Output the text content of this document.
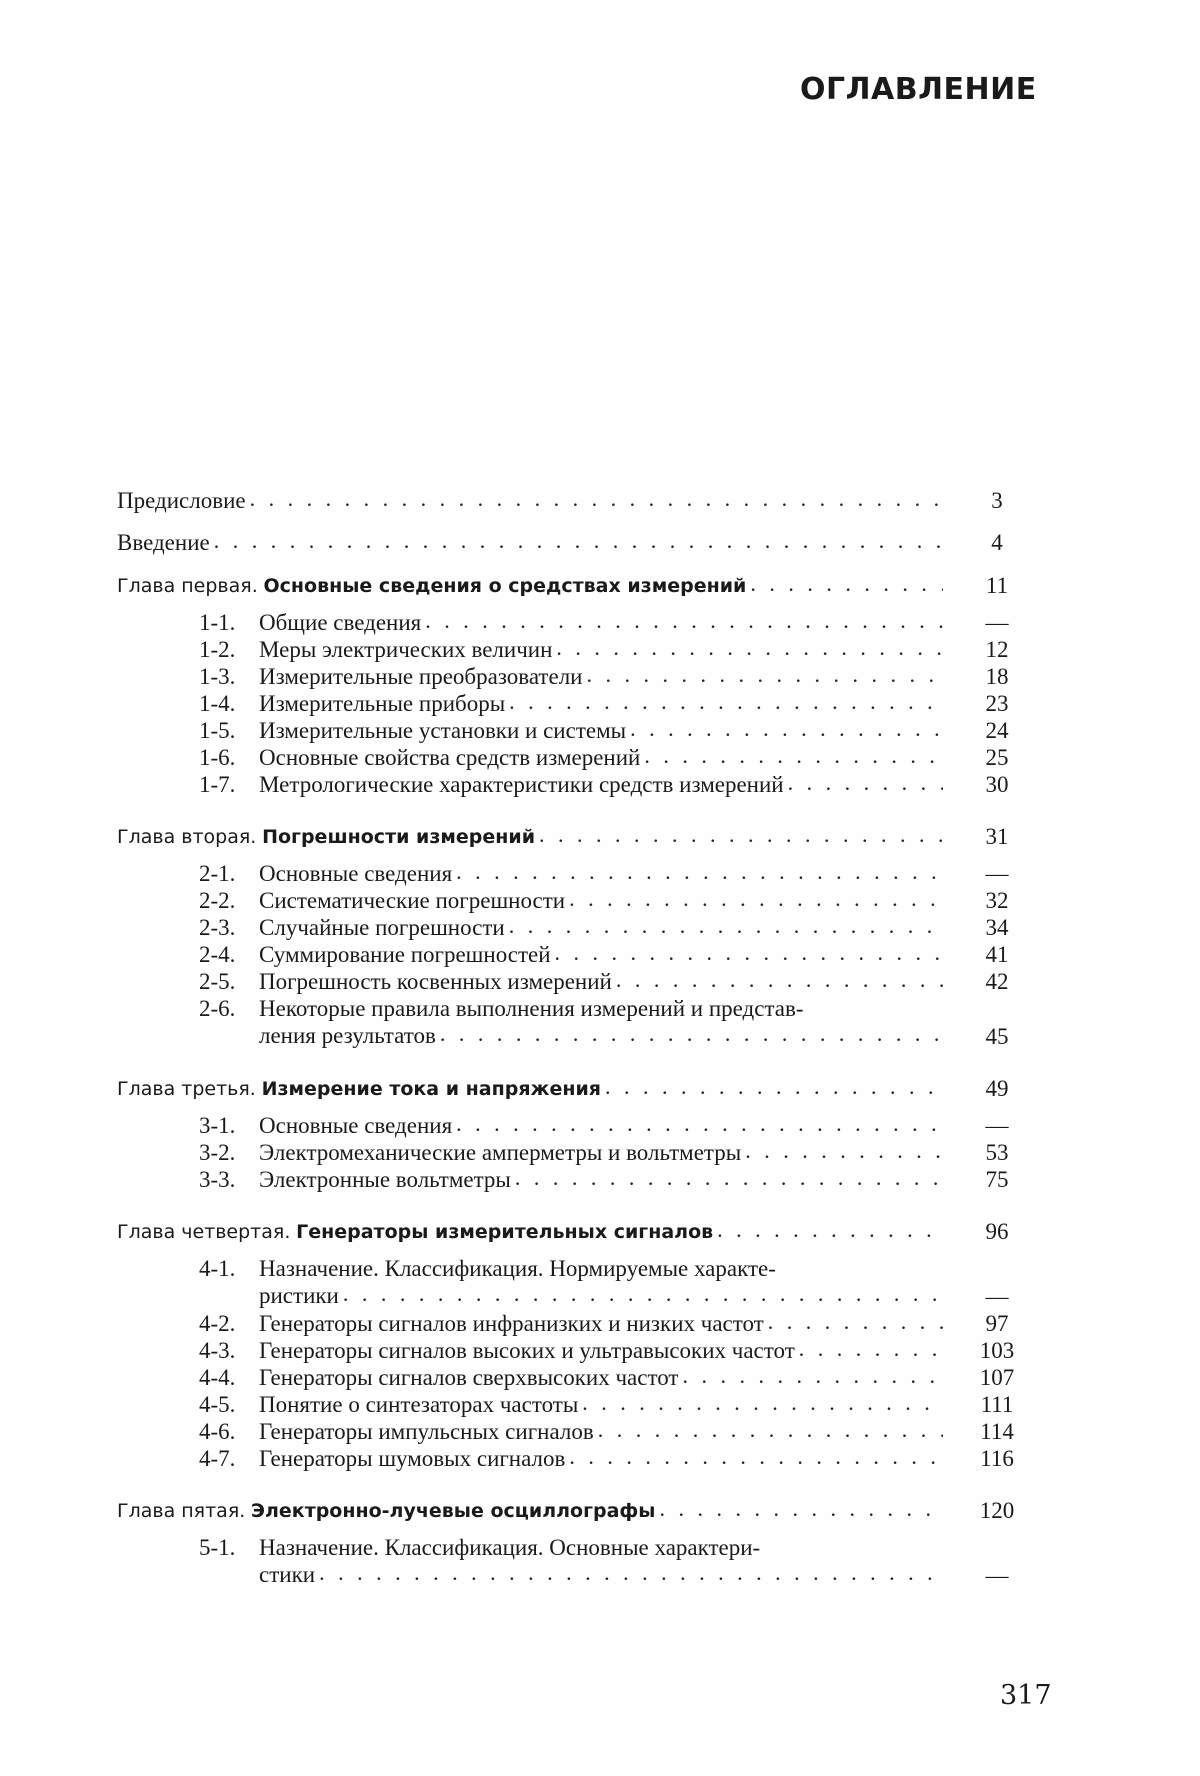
ОГЛАВЛЕНИЕ
Предисловие . . .	3
Введение . . .	4
Глава первая. Основные сведения о средствах измерений . . .	11
1-1. Общие сведения . . .	—
1-2. Меры электрических величин . . .	12
1-3. Измерительные преобразователи . . .	18
1-4. Измерительные приборы . . .	23
1-5. Измерительные установки и системы . . .	24
1-6. Основные свойства средств измерений . . .	25
1-7. Метрологические характеристики средств измерений . . .	30
Глава вторая. Погрешности измерений . . .	31
2-1. Основные сведения . . .	—
2-2. Систематические погрешности . . .	32
2-3. Случайные погрешности . . .	34
2-4. Суммирование погрешностей . . .	41
2-5. Погрешность косвенных измерений . . .	42
2-6.	Некоторые правила выполнения измерений и представ-
ления результатов . . .	45
Глава третья. Измерение тока и напряжения . . .	49
3-1. Основные сведения . . .	—
3-2. Электромеханические амперметры и вольтметры . . .	53
3-3. Электронные вольтметры . . .	75
Глава четвертая. Генераторы измерительных сигналов . . .	96
4-1.	Назначение. Классификация. Нормируемые характе-
ристики . . .	—
4-2. Генераторы сигналов инфранизких и низких частот . . .	97
4-3. Генераторы сигналов высоких и ультравысоких частот . . .	103
4-4. Генераторы сигналов сверхвысоких частот . . .	107
4-5. Понятие о синтезаторах частоты . . .	111
4-6. Генераторы импульсных сигналов . . .	114
4-7. Генераторы шумовых сигналов . . .	116
Глава пятая. Электронно-лучевые осциллографы . . .	120
5-1.	Назначение. Классификация. Основные характери-
стики . . .	—
317
